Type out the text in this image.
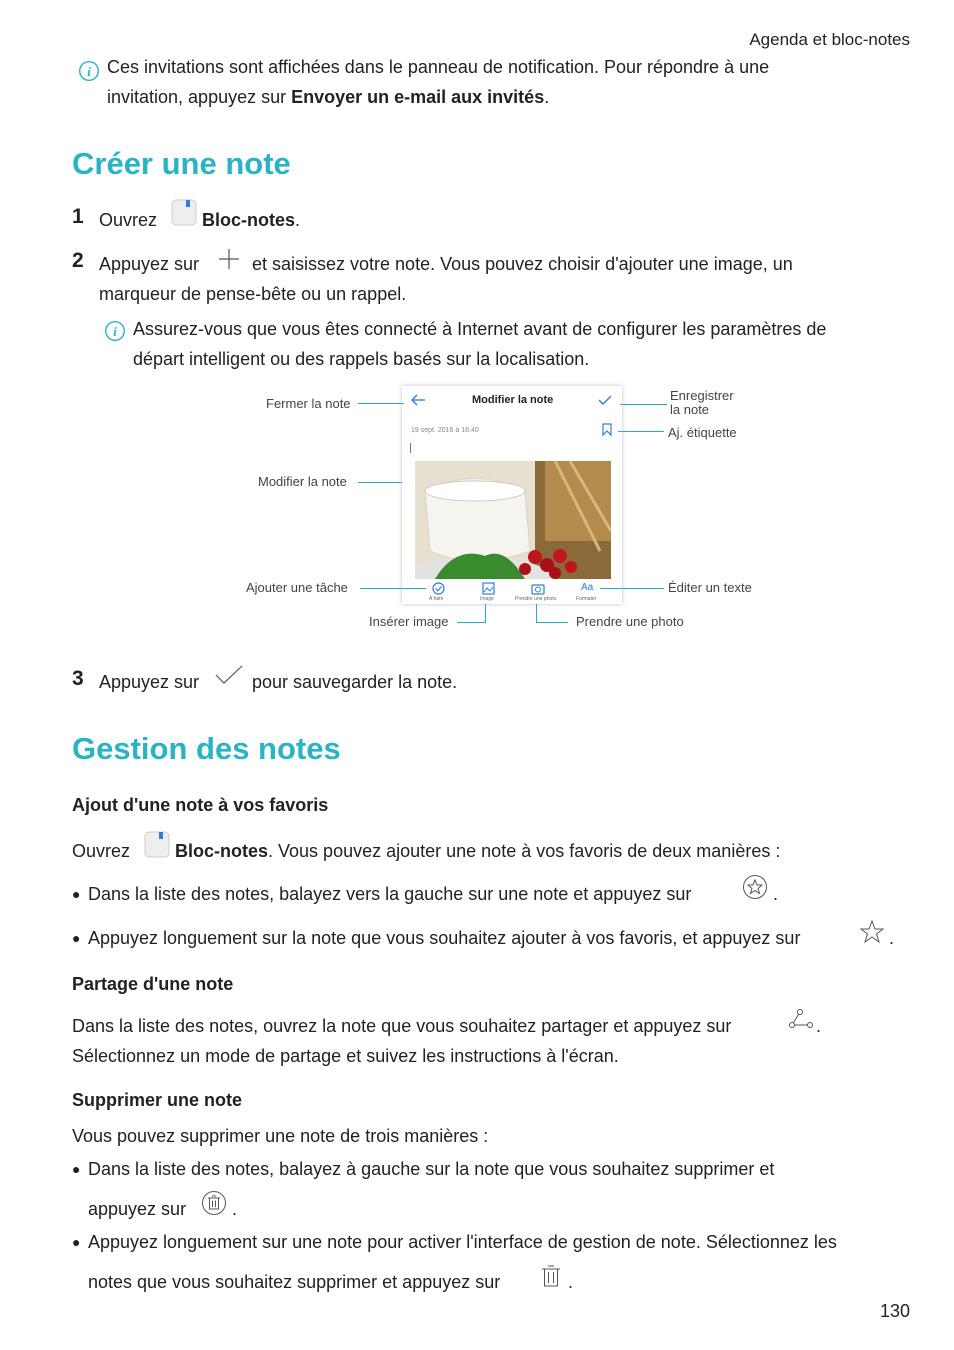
Agenda et bloc-notes
i Ces invitations sont affichées dans le panneau de notification. Pour répondre à une
invitation, appuyez sur Envoyer un e-mail aux invités.
Créer une note
1 Ouvrez Bloc-notes.
2 Appuyez sur	et saisissez votre note. Vous pouvez choisir d'ajouter une image, un
marqueur de pense-bête ou un rappel.
i Assurez-vous que vous êtes connecté à Internet avant de configurer les paramètres de
départ intelligent ou des rappels basés sur la localisation.
Modifier la note
19 sept. 2016 à 16:40
Aa
À faire	Image	Prendre une photo	Formater
Fermer la note
Enregistrer
la note
Aj. étiquette
Modifier la note
Ajouter une tâche	Éditer un texte
Insérer image	Prendre une photo
3 Appuyez sur	pour sauvegarder la note.
Gestion des notes
Ajout d'une note à vos favoris
Ouvrez Bloc-notes. Vous pouvez ajouter une note à vos favoris de deux manières :
● Dans la liste des notes, balayez vers la gauche sur une note et appuyez sur	.
● Appuyez longuement sur la note que vous souhaitez ajouter à vos favoris, et appuyez sur	.
Partage d'une note
Dans la liste des notes, ouvrez la note que vous souhaitez partager et appuyez sur	.
Sélectionnez un mode de partage et suivez les instructions à l'écran.
Supprimer une note
Vous pouvez supprimer une note de trois manières :
● Dans la liste des notes, balayez à gauche sur la note que vous souhaitez supprimer et
appuyez sur	.
● Appuyez longuement sur une note pour activer l'interface de gestion de note. Sélectionnez les
notes que vous souhaitez supprimer et appuyez sur	.
130
